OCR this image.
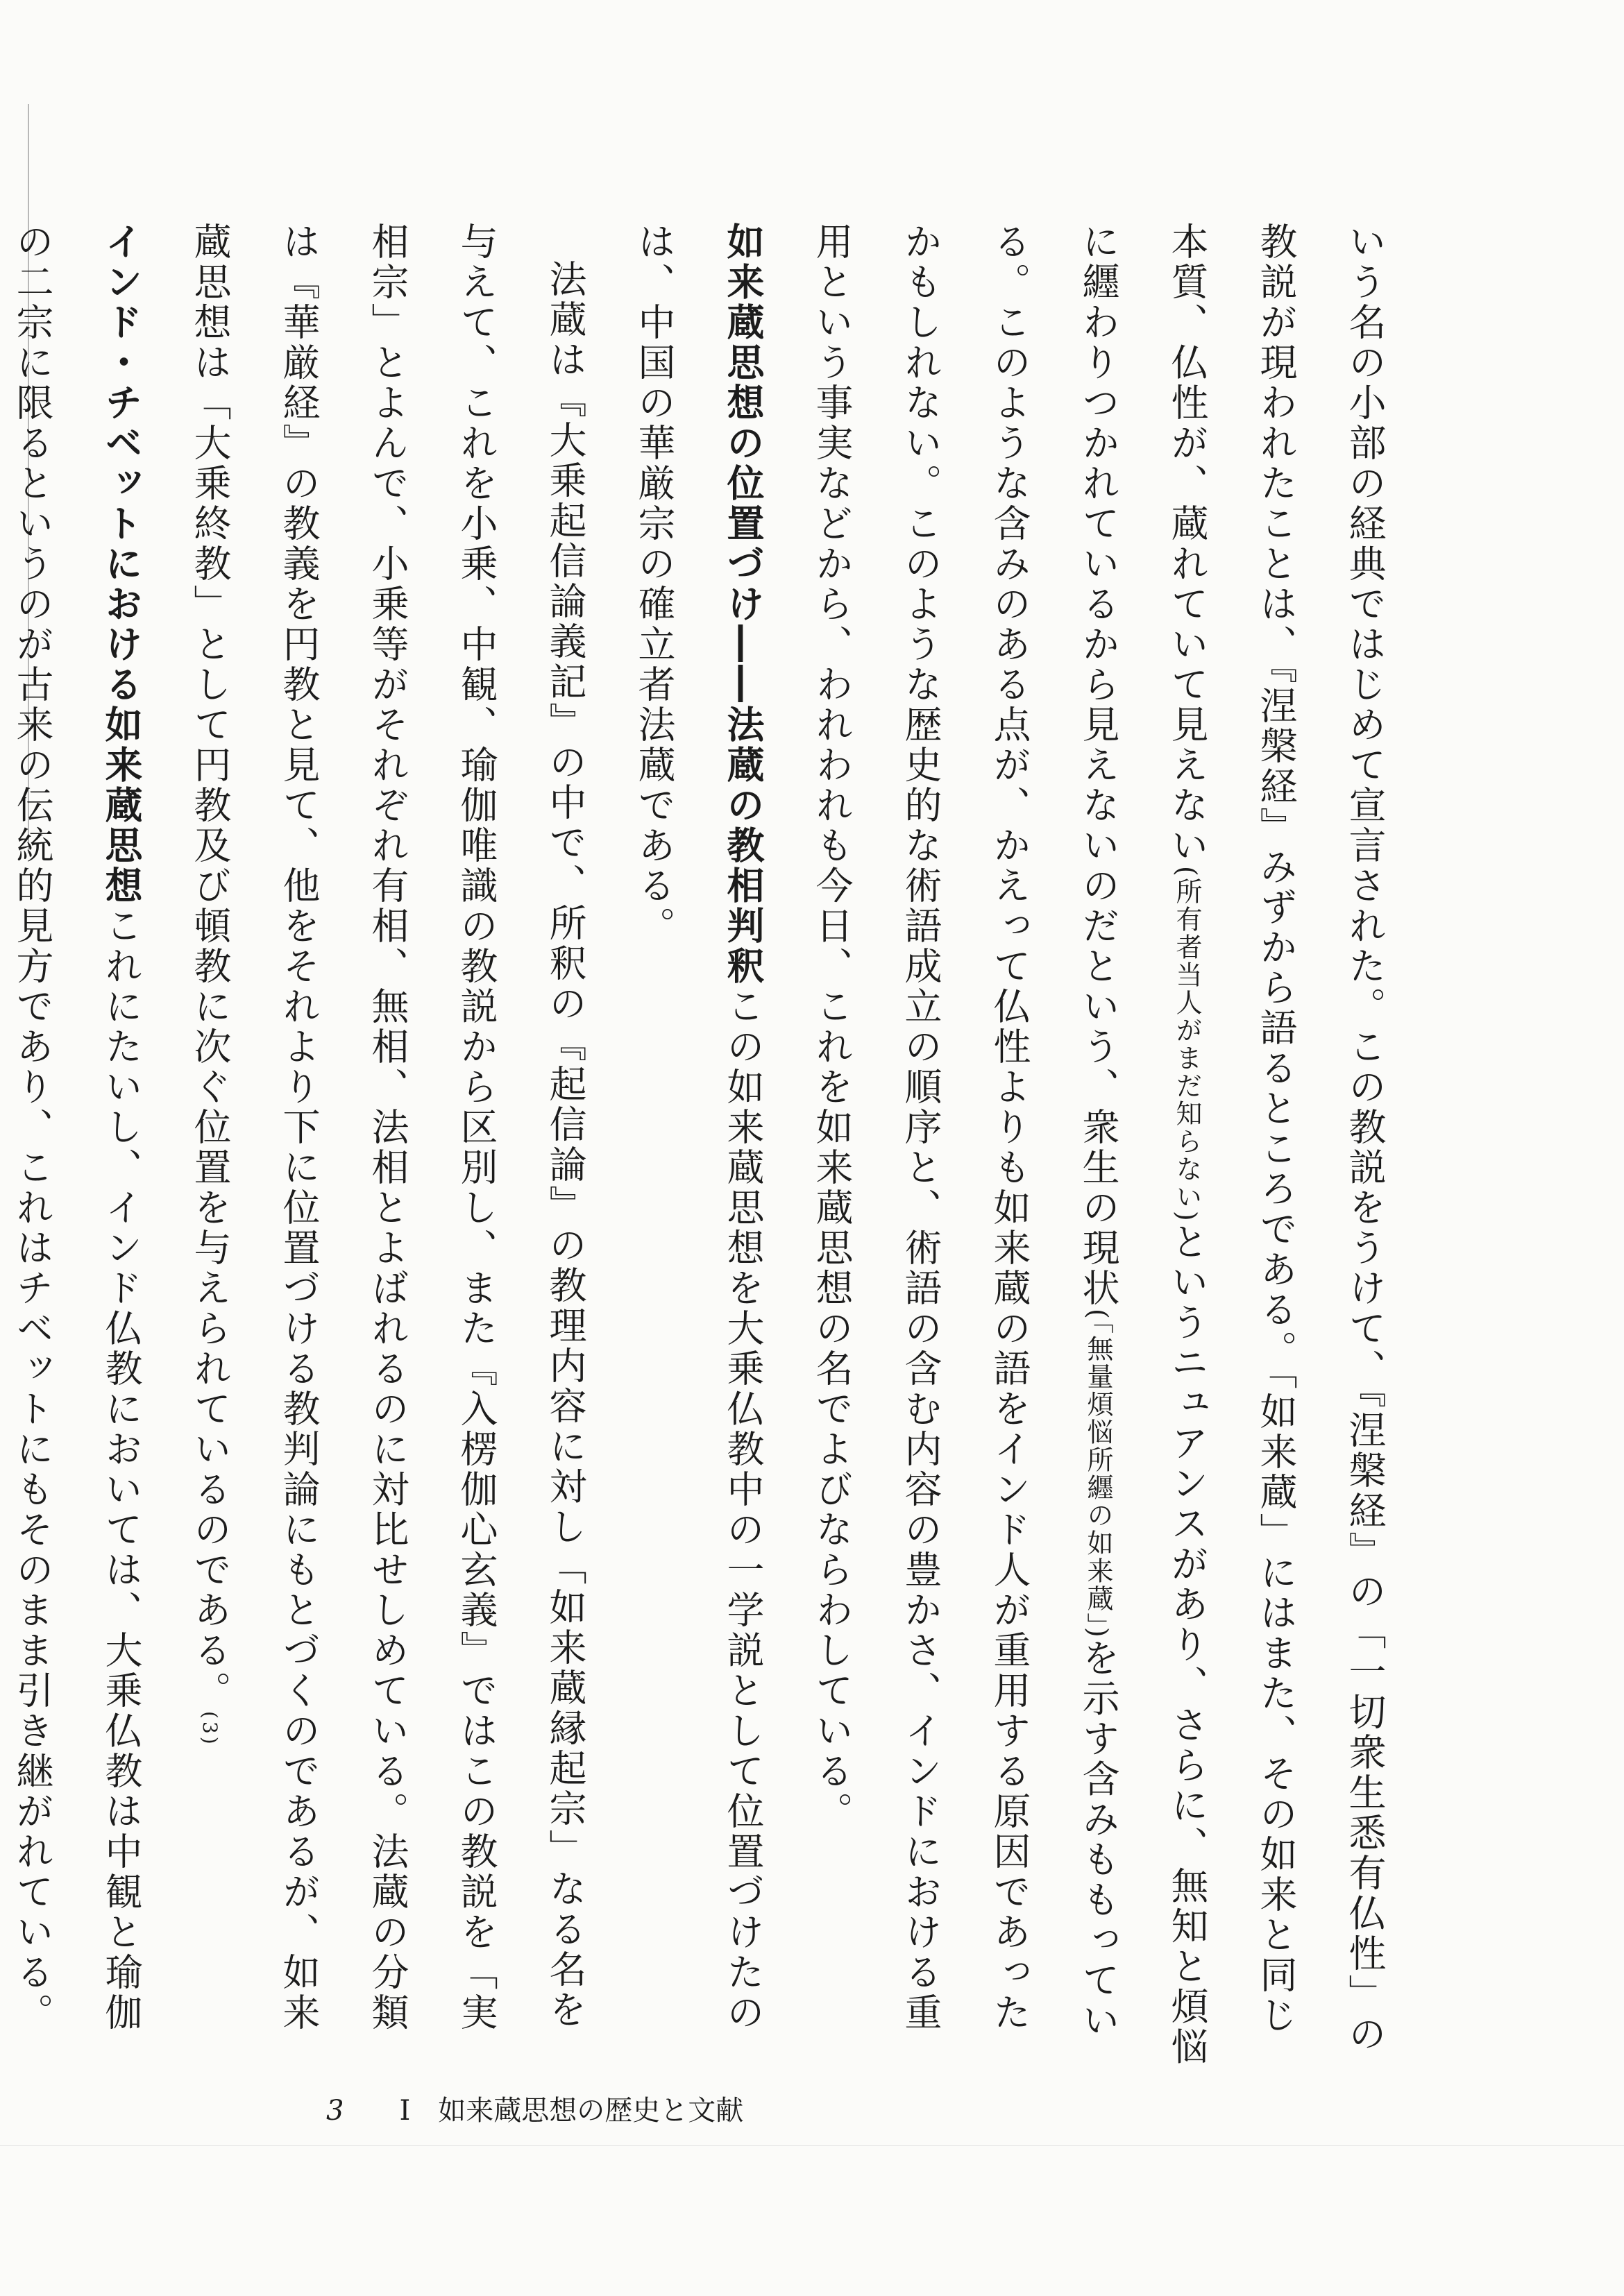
いう名の小部の経典ではじめて宣言された。この教説をうけて、『涅槃経』の「一切衆生悉有仏性」の教説が現われたことは、『涅槃経』みずから語るところである。「如来蔵」にはまた、その如来と同じ本質、仏性が、蔵れていて見えない(所有者当人がまだ知らない)というニュアンスがあり、さらに、無知と煩悩に纒わりつかれているから見えないのだという、衆生の現状(「無量煩悩所纒の如来蔵」)を示す含みももっている。このような含みのある点が、かえって仏性よりも如来蔵の語をインド人が重用する原因であったかもしれない。このような歴史的な術語成立の順序と、術語の含む内容の豊かさ、インドにおける重用という事実などから、われわれも今日、これを如来蔵思想の名でよびならわしている。

如来蔵思想の位置づけ――法蔵の教相判釈この如来蔵思想を大乗仏教中の一学説として位置づけたのは、中国の華厳宗の確立者法蔵である。

法蔵は『大乗起信論義記』の中で、所釈の『起信論』の教理内容に対し「如来蔵縁起宗」なる名を与えて、これを小乗、中観、瑜伽唯識の教説から区別し、また『入楞伽心玄義』ではこの教説を「実相宗」とよんで、小乗等がそれぞれ有相、無相、法相とよばれるのに対比せしめている。法蔵の分類は『華厳経』の教義を円教と見て、他をそれより下に位置づける教判論にもとづくのであるが、如来蔵思想は「大乗終教」として円教及び頓教に次ぐ位置を与えられているのである。(3)

インド・チベットにおける如来蔵思想これにたいし、インド仏教においては、大乗仏教は中観と瑜伽の二宗に限るというのが古来の伝統的見方であり、これはチベットにもそのまま引き継がれている。

3 I 如来蔵思想の歴史と文献
